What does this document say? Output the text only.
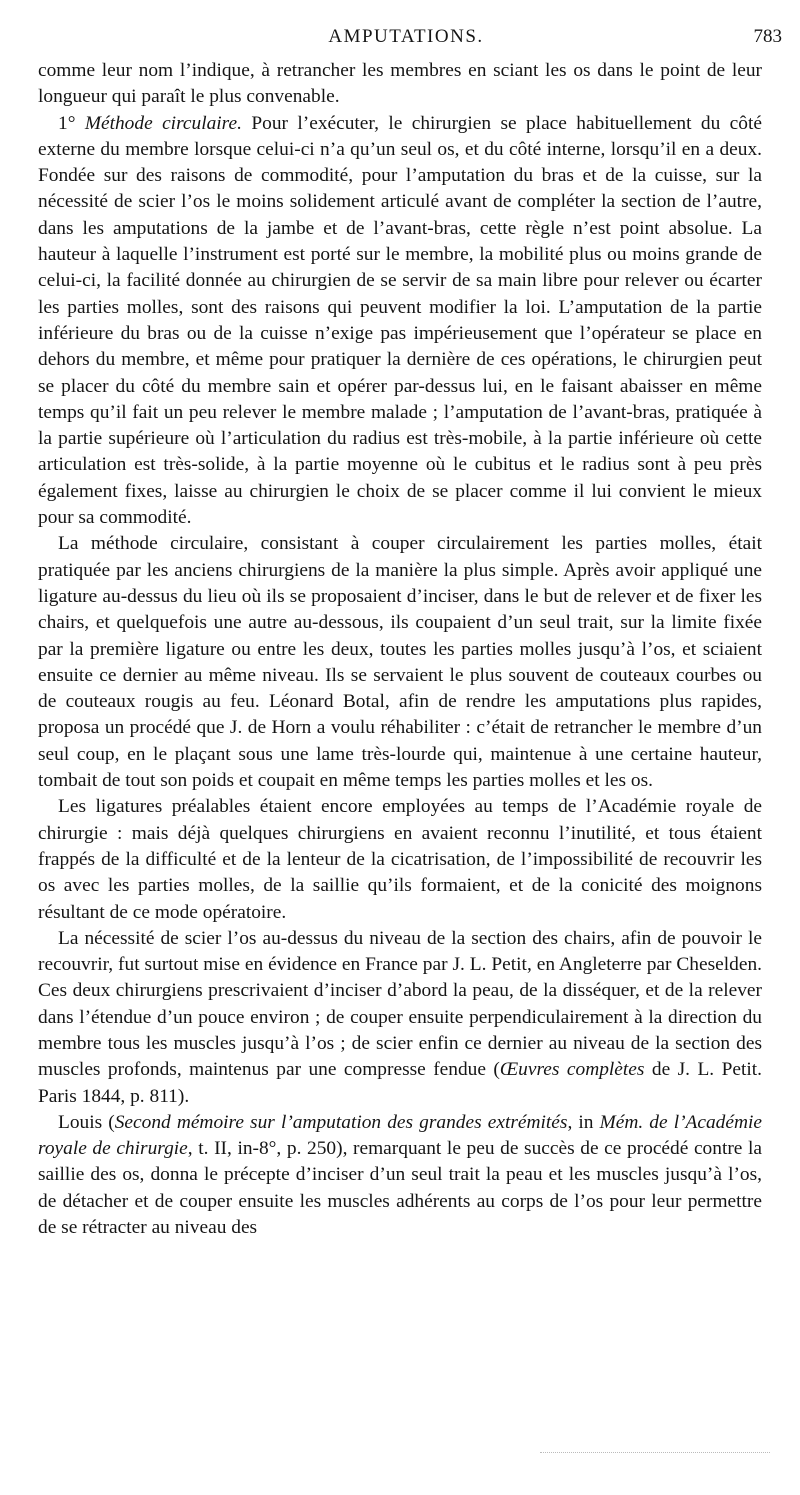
AMPUTATIONS.	783

comme leur nom l’indique, à retrancher les membres en sciant les os dans le point de leur longueur qui paraît le plus convenable.

1° Méthode circulaire. Pour l’exécuter, le chirurgien se place habituellement du côté externe du membre lorsque celui-ci n’a qu’un seul os, et du côté interne, lorsqu’il en a deux. Fondée sur des raisons de commodité, pour l’amputation du bras et de la cuisse, sur la nécessité de scier l’os le moins solidement articulé avant de compléter la section de l’autre, dans les amputations de la jambe et de l’avant-bras, cette règle n’est point absolue. La hauteur à laquelle l’instrument est porté sur le membre, la mobilité plus ou moins grande de celui-ci, la facilité donnée au chirurgien de se servir de sa main libre pour relever ou écarter les parties molles, sont des raisons qui peuvent modifier la loi. L’amputation de la partie inférieure du bras ou de la cuisse n’exige pas impérieusement que l’opérateur se place en dehors du membre, et même pour pratiquer la dernière de ces opérations, le chirurgien peut se placer du côté du membre sain et opérer par-dessus lui, en le faisant abaisser en même temps qu’il fait un peu relever le membre malade ; l’amputation de l’avant-bras, pratiquée à la partie supérieure où l’articulation du radius est très-mobile, à la partie inférieure où cette articulation est très-solide, à la partie moyenne où le cubitus et le radius sont à peu près également fixes, laisse au chirurgien le choix de se placer comme il lui convient le mieux pour sa commodité.

La méthode circulaire, consistant à couper circulairement les parties molles, était pratiquée par les anciens chirurgiens de la manière la plus simple. Après avoir appliqué une ligature au-dessus du lieu où ils se proposaient d’inciser, dans le but de relever et de fixer les chairs, et quelquefois une autre au-dessous, ils coupaient d’un seul trait, sur la limite fixée par la première ligature ou entre les deux, toutes les parties molles jusqu’à l’os, et sciaient ensuite ce dernier au même niveau. Ils se servaient le plus souvent de couteaux courbes ou de couteaux rougis au feu. Léonard Botal, afin de rendre les amputations plus rapides, proposa un procédé que J. de Horn a voulu réhabiliter : c’était de retrancher le membre d’un seul coup, en le plaçant sous une lame très-lourde qui, maintenue à une certaine hauteur, tombait de tout son poids et coupait en même temps les parties molles et les os.

Les ligatures préalables étaient encore employées au temps de l’Académie royale de chirurgie : mais déjà quelques chirurgiens en avaient reconnu l’inutilité, et tous étaient frappés de la difficulté et de la lenteur de la cicatrisation, de l’impossibilité de recouvrir les os avec les parties molles, de la saillie qu’ils formaient, et de la conicité des moignons résultant de ce mode opératoire.

La nécessité de scier l’os au-dessus du niveau de la section des chairs, afin de pouvoir le recouvrir, fut surtout mise en évidence en France par J. L. Petit, en Angleterre par Cheselden. Ces deux chirurgiens prescrivaient d’inciser d’abord la peau, de la disséquer, et de la relever dans l’étendue d’un pouce environ ; de couper ensuite perpendiculairement à la direction du membre tous les muscles jusqu’à l’os ; de scier enfin ce dernier au niveau de la section des muscles profonds, maintenus par une compresse fendue (Œuvres complètes de J. L. Petit. Paris 1844, p. 811).

Louis (Second mémoire sur l’amputation des grandes extrémités, in Mém. de l’Académie royale de chirurgie, t. II, in-8°, p. 250), remarquant le peu de succès de ce procédé contre la saillie des os, donna le précepte d’inciser d’un seul trait la peau et les muscles jusqu’à l’os, de détacher et de couper ensuite les muscles adhérents au corps de l’os pour leur permettre de se rétracter au niveau des
